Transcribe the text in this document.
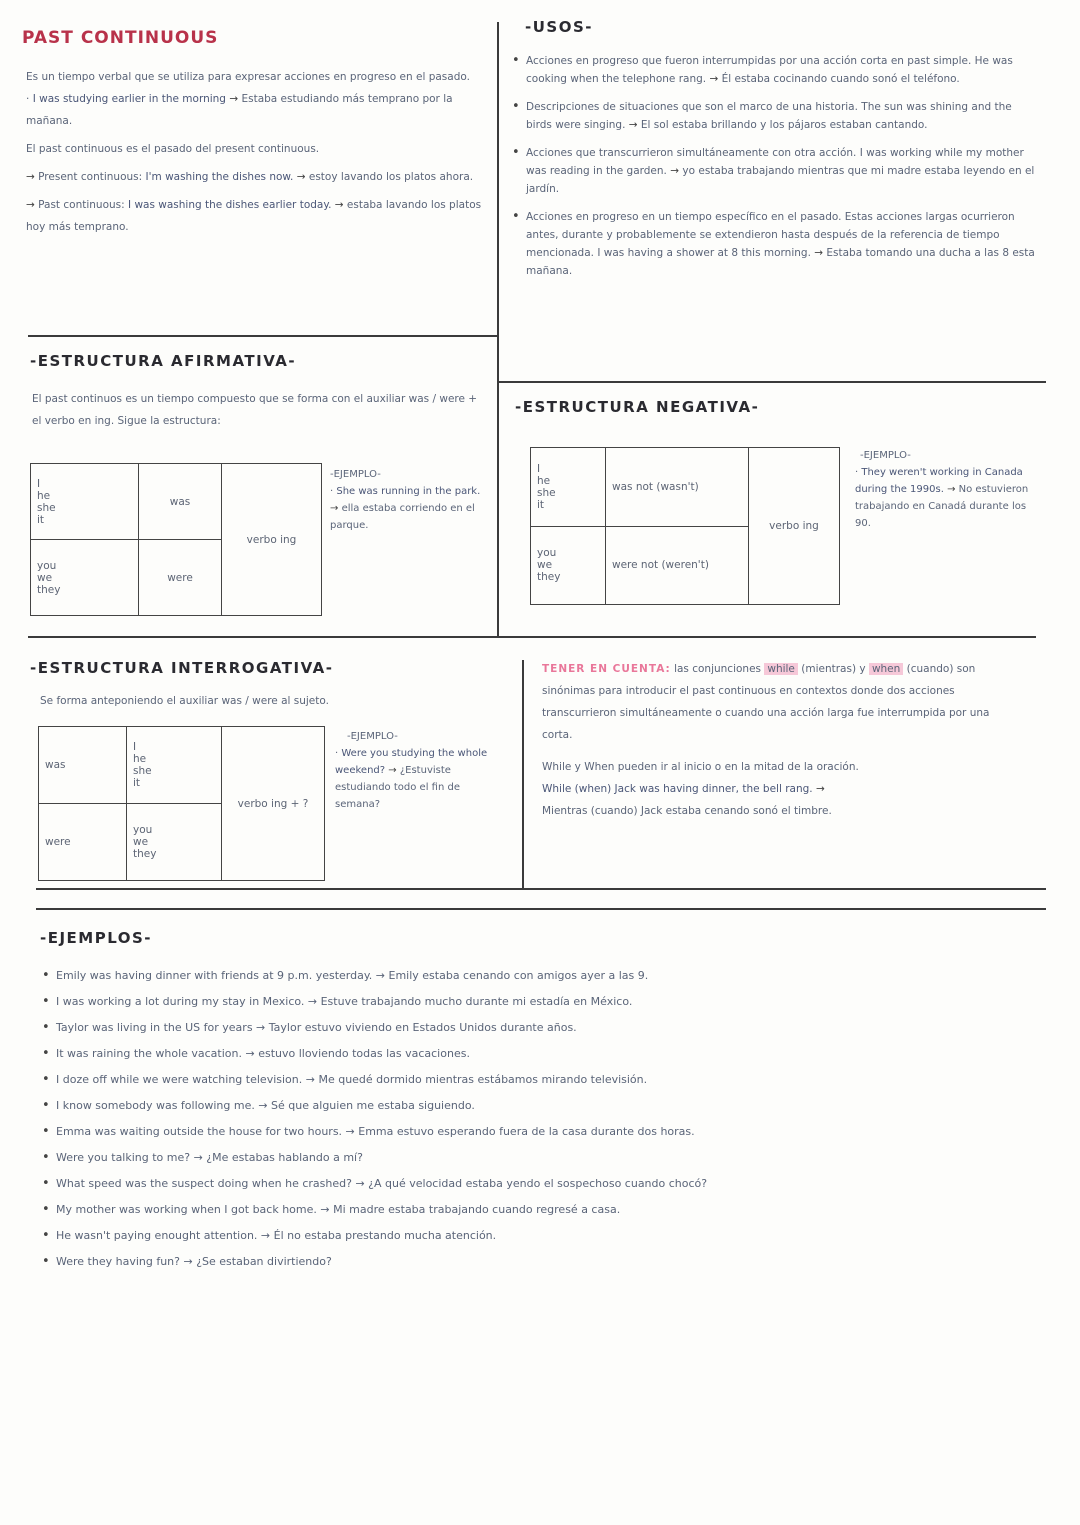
PAST CONTINUOUS
Es un tiempo verbal que se utiliza para expresar acciones en progreso en el pasado.
· I was studying earlier in the morning → Estaba estudiando más temprano por la mañana.
El past continuous es el pasado del present continuous.
→ Present continuous: I'm washing the dishes now. → estoy lavando los platos ahora.
→ Past continuous: I was washing the dishes earlier today. → estaba lavando los platos hoy más temprano.
-USOS-
• Acciones en progreso que fueron interrumpidas por una acción corta en past simple. He was cooking when the telephone rang. → Él estaba cocinando cuando sonó el teléfono.
• Descripciones de situaciones que son el marco de una historia. The sun was shining and the birds were singing. → El sol estaba brillando y los pájaros estaban cantando.
• Acciones que transcurrieron simultáneamente con otra acción. I was working while my mother was reading in the garden. → yo estaba trabajando mientras que mi madre estaba leyendo en el jardín.
• Acciones en progreso en un tiempo específico en el pasado. Estas acciones largas ocurrieron antes, durante y probablemente se extendieron hasta después de la referencia de tiempo mencionada. I was having a shower at 8 this morning. → Estaba tomando una ducha a las 8 esta mañana.
-ESTRUCTURA AFIRMATIVA-
El past continuos es un tiempo compuesto que se forma con el auxiliar was / were + el verbo en ing. Sigue la estructura:
I
he
she
it	was	verbo ing

you
we
they	were	
-EJEMPLO-
· She was running in the park. → ella estaba corriendo en el parque.
-ESTRUCTURA NEGATIVA-
I
he
she
it	was not (wasn't)	verbo ing

you
we
they	were not (weren't)	
-EJEMPLO-
· They weren't working in Canada during the 1990s. → No estuvieron trabajando en Canadá durante los 90.
-ESTRUCTURA INTERROGATIVA-
Se forma anteponiendo el auxiliar was / were al sujeto.
was	I
he
she
it	verbo ing + ?
were	you
we
they	
-EJEMPLO-
· Were you studying the whole weekend? → ¿Estuviste estudiando todo el fin de semana?
TENER EN CUENTA: las conjunciones while (mientras) y when (cuando) son sinónimas para introducir el past continuous en contextos donde dos acciones transcurrieron simultáneamente o cuando una acción larga fue interrumpida por una corta.
While y When pueden ir al inicio o en la mitad de la oración.
While (when) Jack was having dinner, the bell rang. →
Mientras (cuando) Jack estaba cenando sonó el timbre.
-EJEMPLOS-
• Emily was having dinner with friends at 9 p.m. yesterday. → Emily estaba cenando con amigos ayer a las 9.
• I was working a lot during my stay in Mexico. → Estuve trabajando mucho durante mi estadía en México.
• Taylor was living in the US for years → Taylor estuvo viviendo en Estados Unidos durante años.
• It was raining the whole vacation. → estuvo lloviendo todas las vacaciones.
• I doze off while we were watching television. → Me quedé dormido mientras estábamos mirando televisión.
• I know somebody was following me. → Sé que alguien me estaba siguiendo.
• Emma was waiting outside the house for two hours. → Emma estuvo esperando fuera de la casa durante dos horas.
• Were you talking to me? → ¿Me estabas hablando a mí?
• What speed was the suspect doing when he crashed? → ¿A qué velocidad estaba yendo el sospechoso cuando chocó?
• My mother was working when I got back home. → Mi madre estaba trabajando cuando regresé a casa.
• He wasn't paying enought attention. → Él no estaba prestando mucha atención.
• Were they having fun? → ¿Se estaban divirtiendo?
